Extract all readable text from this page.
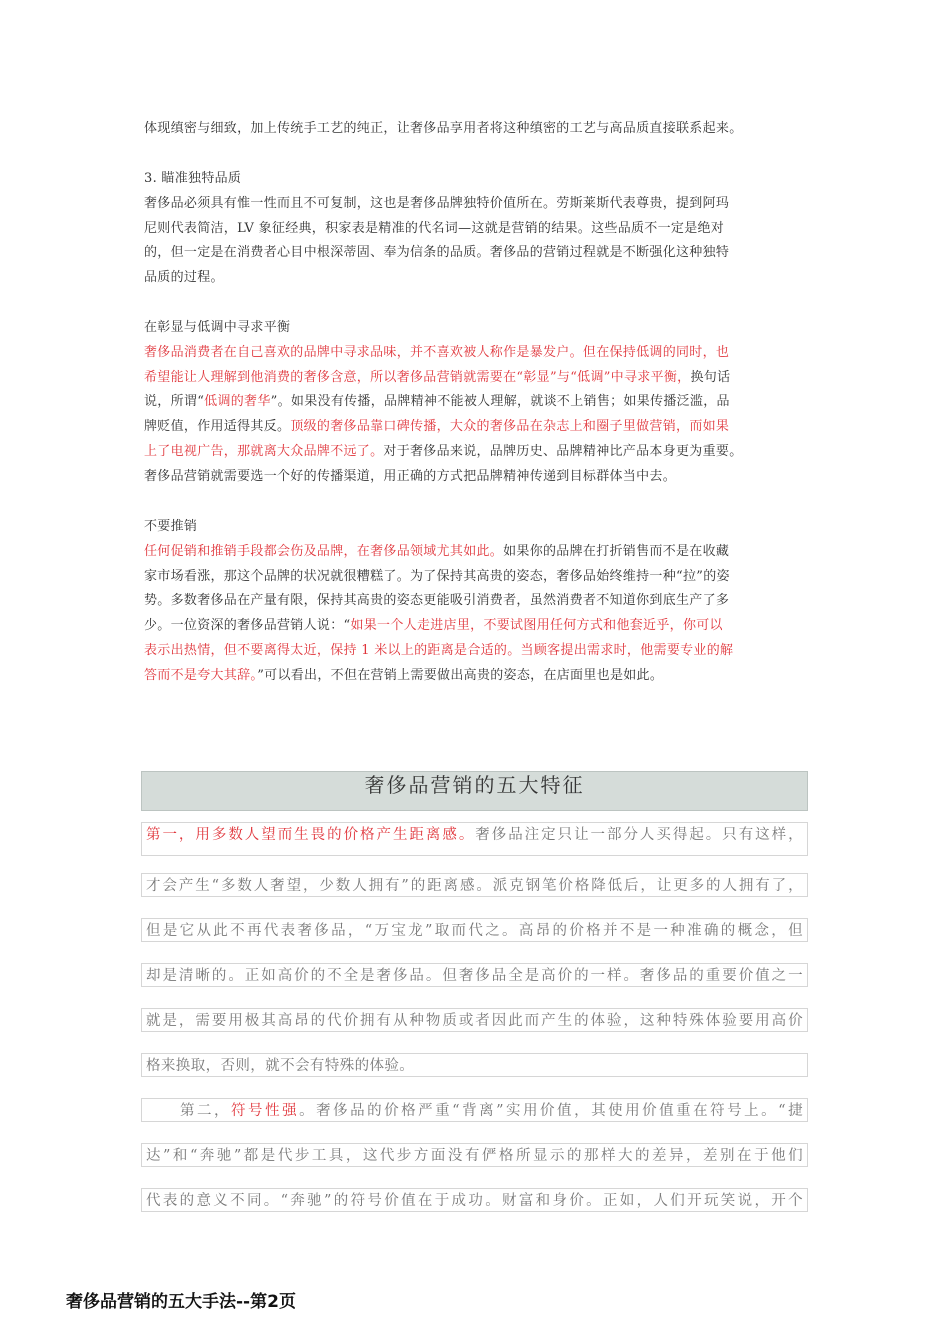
体现缜密与细致，加上传统手工艺的纯正，让奢侈品享用者将这种缜密的工艺与高品质直接联系起来。
3. 瞄准独特品质
奢侈品必须具有惟一性而且不可复制，这也是奢侈品牌独特价值所在。劳斯莱斯代表尊贵，提到阿玛
尼则代表简洁，LV 象征经典，积家表是精准的代名词—这就是营销的结果。这些品质不一定是绝对
的，但一定是在消费者心目中根深蒂固、奉为信条的品质。奢侈品的营销过程就是不断强化这种独特
品质的过程。
在彰显与低调中寻求平衡
奢侈品消费者在自己喜欢的品牌中寻求品味，并不喜欢被人称作是暴发户。但在保持低调的同时，也
希望能让人理解到他消费的奢侈含意，所以奢侈品营销就需要在“彰显”与“低调”中寻求平衡，换句话
说，所谓“低调的奢华”。如果没有传播，品牌精神不能被人理解，就谈不上销售；如果传播泛滥，品
牌贬值，作用适得其反。顶级的奢侈品靠口碑传播，大众的奢侈品在杂志上和圈子里做营销，而如果
上了电视广告，那就离大众品牌不远了。对于奢侈品来说，品牌历史、品牌精神比产品本身更为重要。
奢侈品营销就需要选一个好的传播渠道，用正确的方式把品牌精神传递到目标群体当中去。
不要推销
任何促销和推销手段都会伤及品牌，在奢侈品领域尤其如此。如果你的品牌在打折销售而不是在收藏
家市场看涨，那这个品牌的状况就很糟糕了。为了保持其高贵的姿态，奢侈品始终维持一种“拉”的姿
势。多数奢侈品在产量有限，保持其高贵的姿态更能吸引消费者，虽然消费者不知道你到底生产了多
少。一位资深的奢侈品营销人说：“如果一个人走进店里，不要试图用任何方式和他套近乎，你可以
表示出热情，但不要离得太近，保持 1 米以上的距离是合适的。当顾客提出需求时，他需要专业的解
答而不是夸大其辞。”可以看出，不但在营销上需要做出高贵的姿态，在店面里也是如此。
奢侈品营销的五大特征
第一，用多数人望而生畏的价格产生距离感。奢侈品注定只让一部分人买得起。只有这样，
才会产生“多数人奢望，少数人拥有”的距离感。派克钢笔价格降低后，让更多的人拥有了，
但是它从此不再代表奢侈品，“万宝龙”取而代之。高昂的价格并不是一种准确的概念，但
却是清晰的。正如高价的不全是奢侈品。但奢侈品全是高价的一样。奢侈品的重要价值之一
就是，需要用极其高昂的代价拥有从种物质或者因此而产生的体验，这种特殊体验要用高价
格来换取，否则，就不会有特殊的体验。
　　第二，符号性强。奢侈品的价格严重“背离”实用价值，其使用价值重在符号上。“捷
达”和“奔驰”都是代步工具，这代步方面没有俨格所显示的那样大的差异，差别在于他们
代表的意义不同。“奔驰”的符号价值在于成功。财富和身价。正如，人们开玩笑说，开个
奢侈品营销的五大手法--第2页
